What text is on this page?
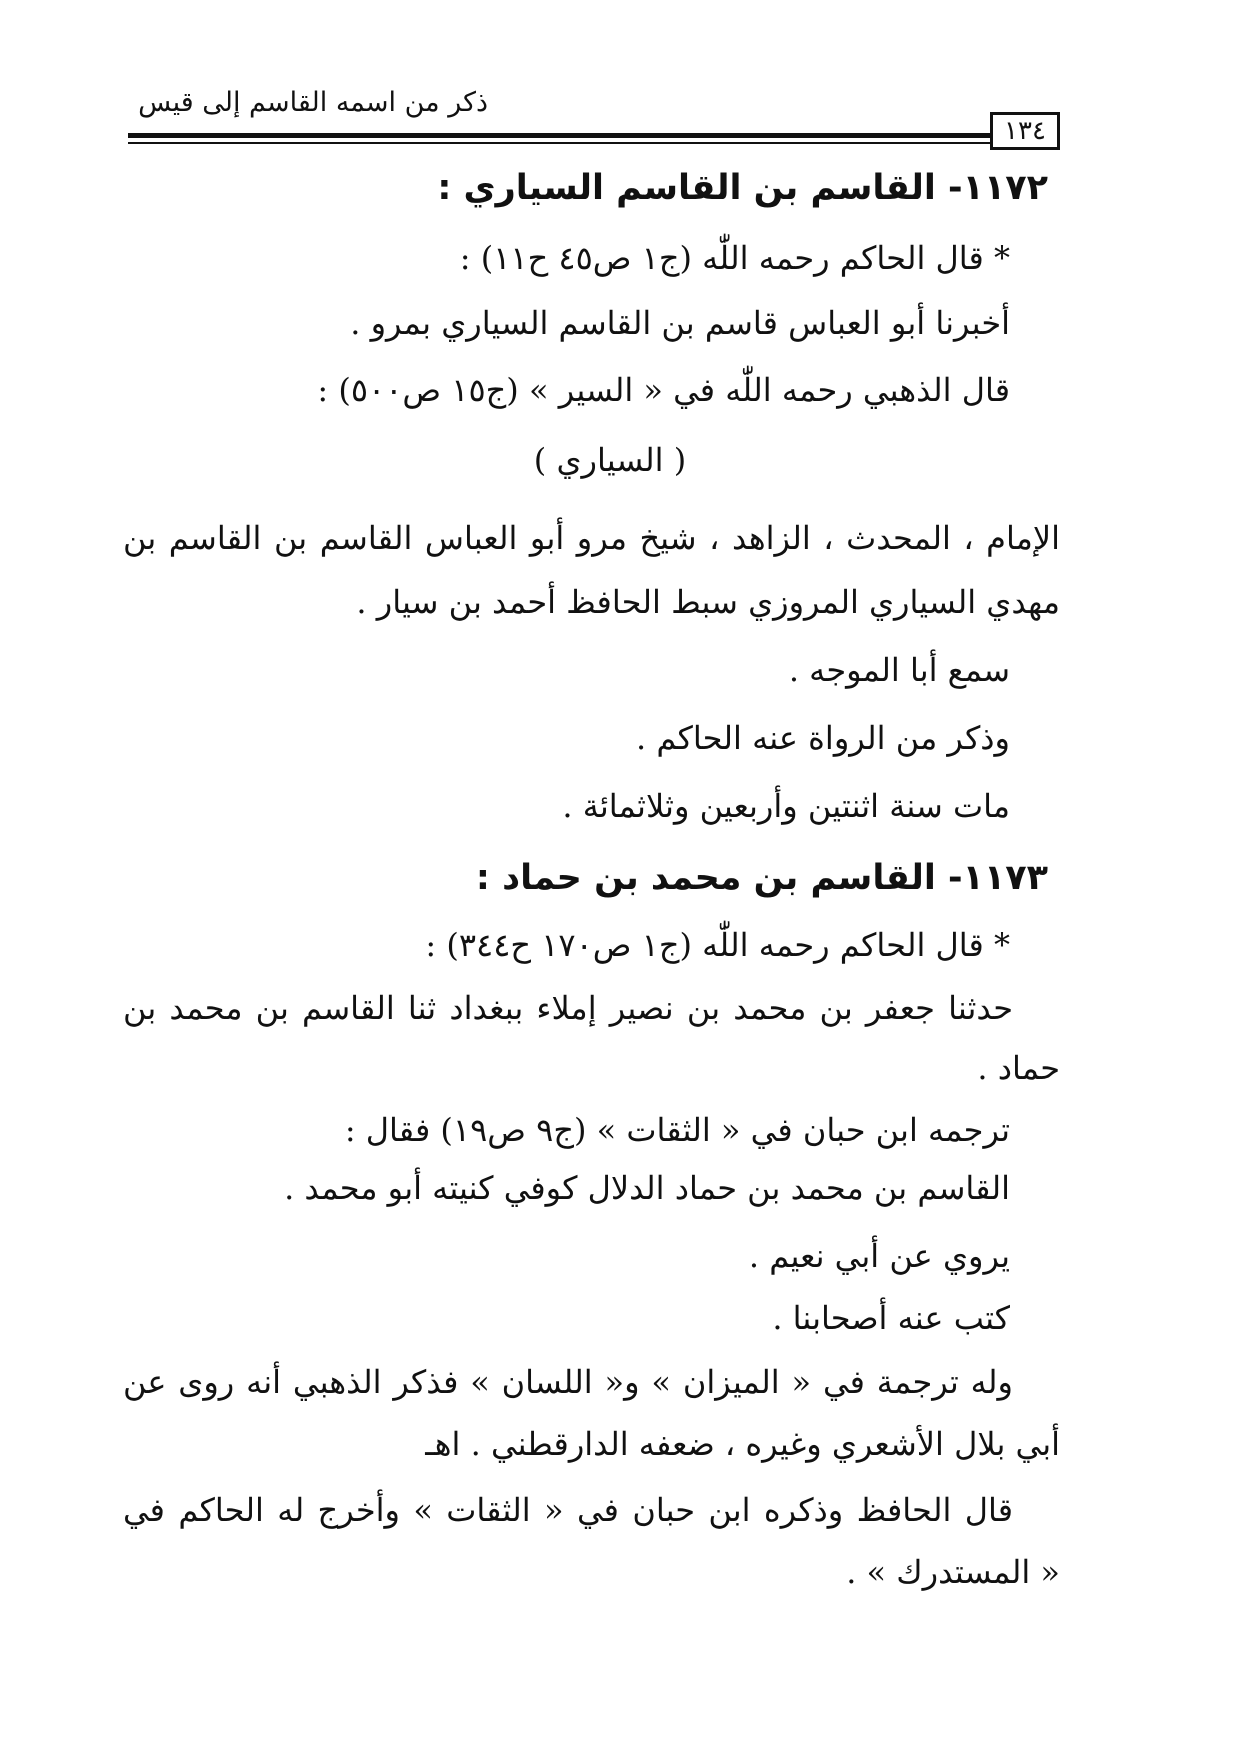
ذكر من اسمه القاسم إلى قيس
١٣٤
١١٧٢- القاسم بن القاسم السياري :
* قال الحاكم رحمه اللّٰه (ج١ ص٤٥ ح١١) :
أخبرنا أبو العباس قاسم بن القاسم السياري بمرو .
قال الذهبي رحمه اللّٰه في « السير » (ج١٥ ص٥٠٠) :
( السياري )
الإمام ، المحدث ، الزاهد ، شيخ مرو أبو العباس القاسم بن القاسم بن
مهدي السياري المروزي سبط الحافظ أحمد بن سيار .
سمع أبا الموجه .
وذكر من الرواة عنه الحاكم .
مات سنة اثنتين وأربعين وثلاثمائة .
١١٧٣- القاسم بن محمد بن حماد :
* قال الحاكم رحمه اللّٰه (ج١ ص١٧٠ ح٣٤٤) :
حدثنا جعفر بن محمد بن نصير إملاء ببغداد ثنا القاسم بن محمد بن
حماد .
ترجمه ابن حبان في « الثقات » (ج٩ ص١٩) فقال :
القاسم بن محمد بن حماد الدلال كوفي كنيته أبو محمد .
يروي عن أبي نعيم .
كتب عنه أصحابنا .
وله ترجمة في « الميزان » و« اللسان » فذكر الذهبي أنه روى عن
أبي بلال الأشعري وغيره ، ضعفه الدارقطني . اهـ
قال الحافظ وذكره ابن حبان في « الثقات » وأخرج له الحاكم في
« المستدرك » .
